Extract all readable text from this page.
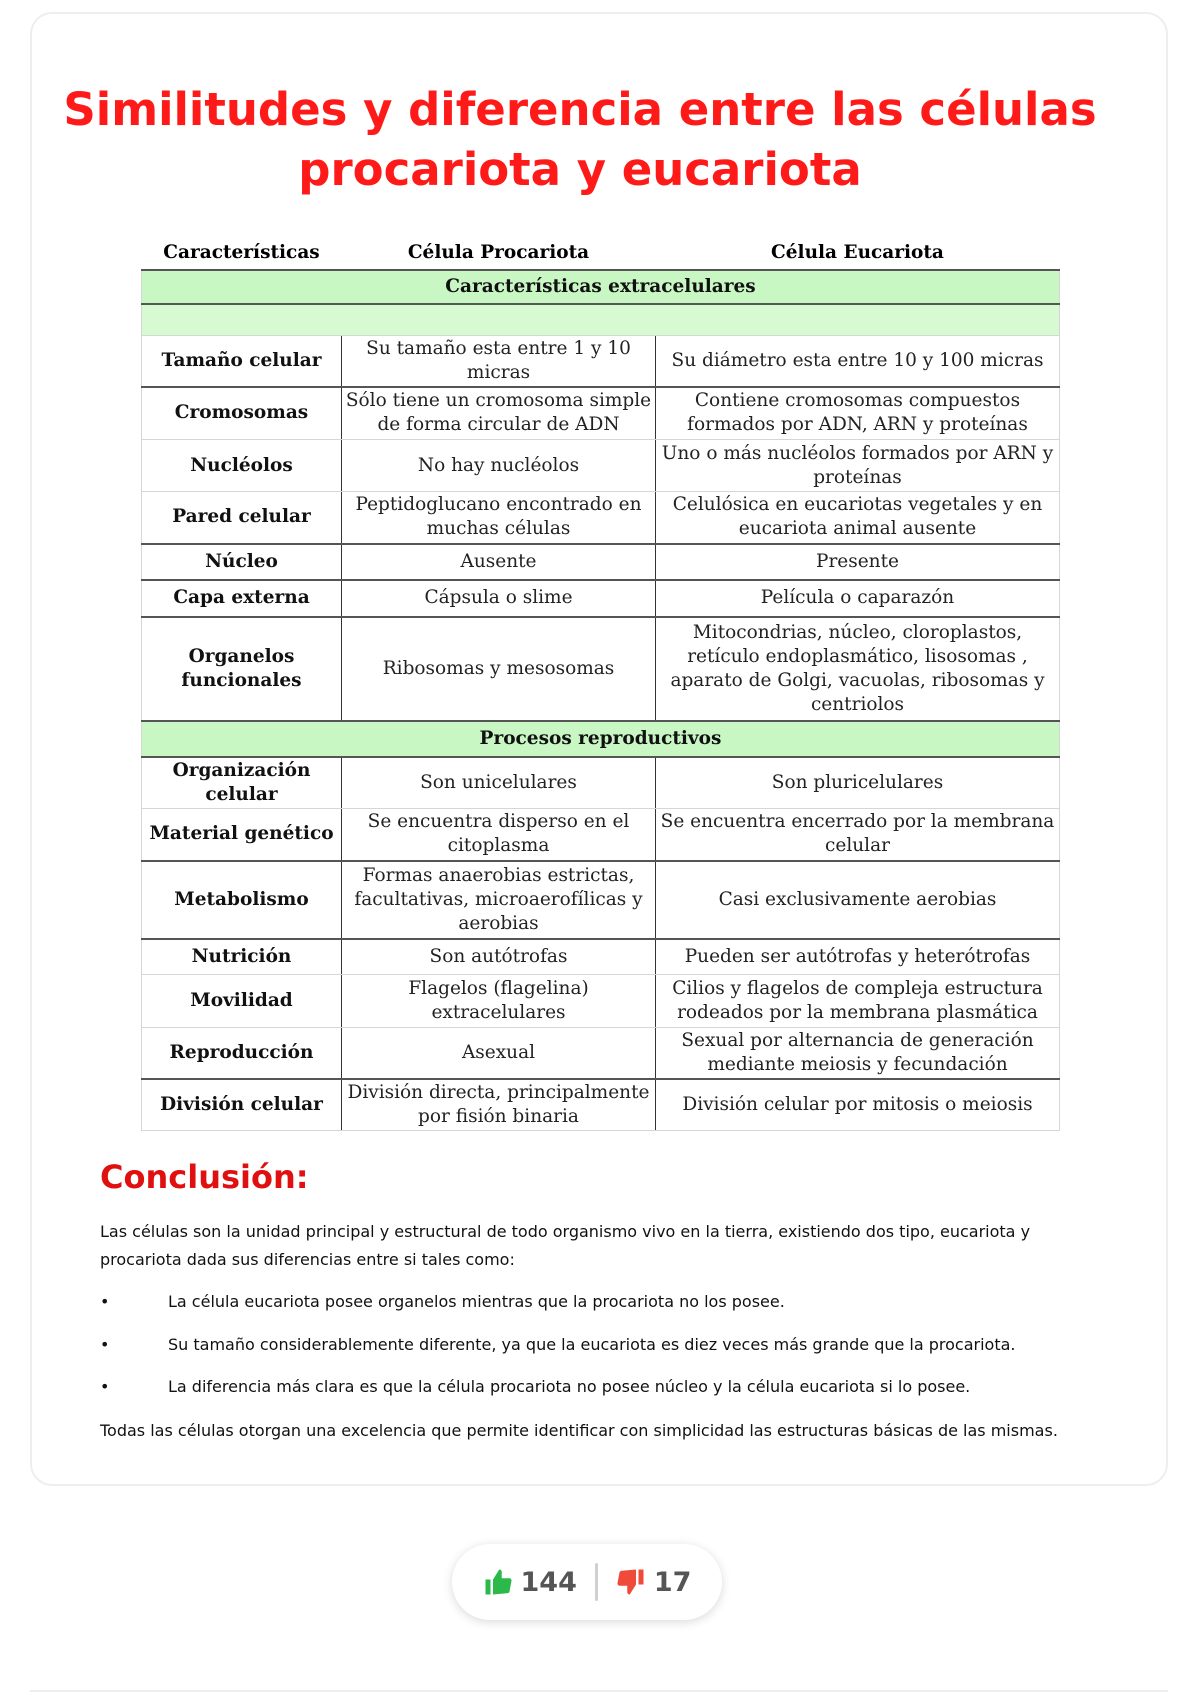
Similitudes y diferencia entre las células procariota y eucariota
Características	Célula Procariota	Célula Eucariota
Características extracelulares		

Tamaño celular	Su tamaño esta entre 1 y 10 micras	Su diámetro esta entre 10 y 100 micras
Cromosomas	Sólo tiene un cromosoma simple de forma circular de ADN	Contiene cromosomas compuestos formados por ADN, ARN y proteínas
Nucléolos	No hay nucléolos	Uno o más nucléolos formados por ARN y proteínas
Pared celular	Peptidoglucano encontrado en muchas células	Celulósica en eucariotas vegetales y en eucariota animal ausente
Núcleo	Ausente	Presente
Capa externa	Cápsula o slime	Película o caparazón
Organelos funcionales	Ribosomas y mesosomas	Mitocondrias, núcleo, cloroplastos, retículo endoplasmático, lisosomas , aparato de Golgi, vacuolas, ribosomas y centriolos
Procesos reproductivos		
Organización celular	Son unicelulares	Son pluricelulares
Material genético	Se encuentra disperso en el citoplasma	Se encuentra encerrado por la membrana celular
Metabolismo	Formas anaerobias estrictas, facultativas, microaerofílicas y aerobias	Casi exclusivamente aerobias
Nutrición	Son autótrofas	Pueden ser autótrofas y heterótrofas
Movilidad	Flagelos (flagelina) extracelulares	Cilios y flagelos de compleja estructura rodeados por la membrana plasmática
Reproducción	Asexual	Sexual por alternancia de generación mediante meiosis y fecundación
División celular	División directa, principalmente por fisión binaria	División celular por mitosis o meiosis
Conclusión:

Las células son la unidad principal y estructural de todo organismo vivo en la tierra, existiendo dos tipo, eucariota y procariota dada sus diferencias entre si tales como:

•	La célula eucariota posee organelos mientras que la procariota no los posee.
•	Su tamaño considerablemente diferente, ya que la eucariota es diez veces más grande que la procariota.
•	La diferencia más clara es que la célula procariota no posee núcleo y la célula eucariota si lo posee.

Todas las células otorgan una excelencia que permite identificar con simplicidad las estructuras básicas de las mismas.

144	17
